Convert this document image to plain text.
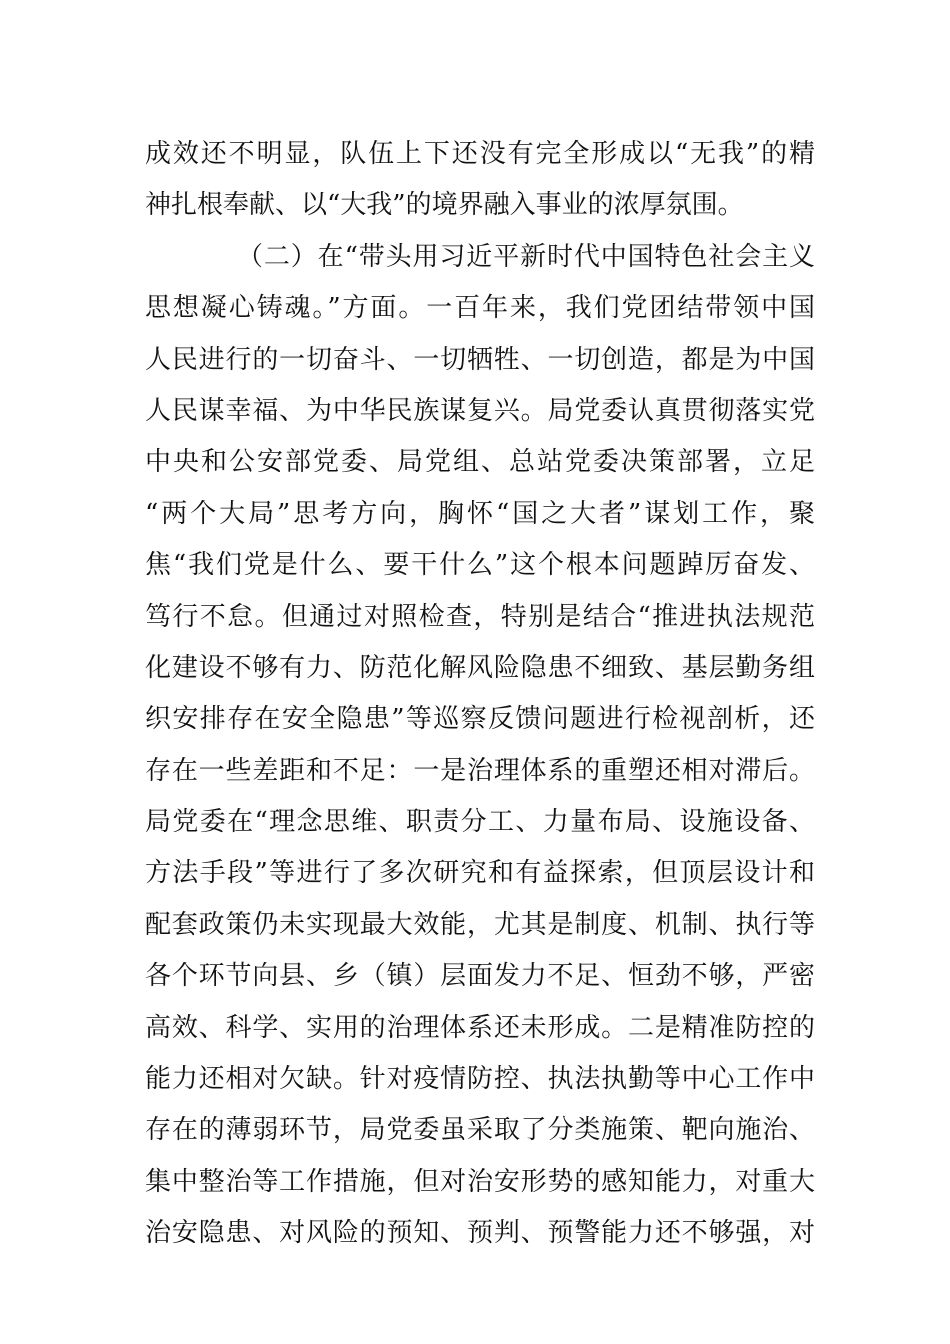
成效还不明显，队伍上下还没有完全形成以“无我”的精
神扎根奉献、以“大我”的境界融入事业的浓厚氛围。
（二）在“带头用习近平新时代中国特色社会主义
思想凝心铸魂。”方面。一百年来，我们党团结带领中国
人民进行的一切奋斗、一切牺牲、一切创造，都是为中国
人民谋幸福、为中华民族谋复兴。局党委认真贯彻落实党
中央和公安部党委、局党组、总站党委决策部署，立足
“两个大局”思考方向，胸怀“国之大者”谋划工作，聚
焦“我们党是什么、要干什么”这个根本问题踔厉奋发、
笃行不怠。但通过对照检查，特别是结合“推进执法规范
化建设不够有力、防范化解风险隐患不细致、基层勤务组
织安排存在安全隐患”等巡察反馈问题进行检视剖析，还
存在一些差距和不足：一是治理体系的重塑还相对滞后。
局党委在“理念思维、职责分工、力量布局、设施设备、
方法手段”等进行了多次研究和有益探索，但顶层设计和
配套政策仍未实现最大效能，尤其是制度、机制、执行等
各个环节向县、乡（镇）层面发力不足、恒劲不够，严密
高效、科学、实用的治理体系还未形成。二是精准防控的
能力还相对欠缺。针对疫情防控、执法执勤等中心工作中
存在的薄弱环节，局党委虽采取了分类施策、靶向施治、
集中整治等工作措施，但对治安形势的感知能力，对重大
治安隐患、对风险的预知、预判、预警能力还不够强，对
